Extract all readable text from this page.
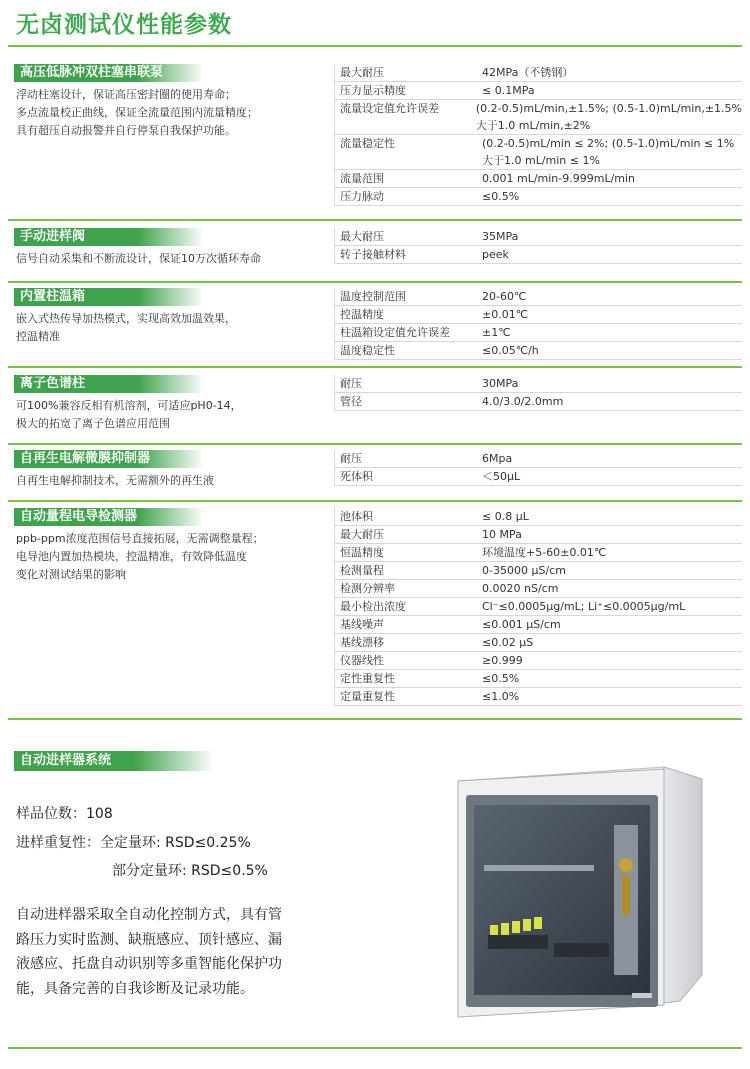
无卤测试仪性能参数
高压低脉冲双柱塞串联泵
浮动柱塞设计，保证高压密封圈的使用寿命；
多点流量校正曲线，保证全流量范围内流量精度；
具有超压自动报警并自行停泵自我保护功能。
最大耐压	42MPa（不锈钢）
压力显示精度	≤ 0.1MPa
流量设定值允许误差	(0.2-0.5)mL/min,±1.5%; (0.5-1.0)mL/min,±1.5%
大于1.0 mL/min,±2%
流量稳定性	(0.2-0.5)mL/min ≤ 2%; (0.5-1.0)mL/min ≤ 1%
大于1.0 mL/min ≤ 1%
流量范围	0.001 mL/min-9.999mL/min
压力脉动	≤0.5%
手动进样阀
信号自动采集和不断流设计，保证10万次循环寿命
最大耐压	35MPa
转子接触材料	peek
内置柱温箱
嵌入式热传导加热模式，实现高效加温效果，
控温精准
温度控制范围	20-60℃
控温精度	±0.01℃
柱温箱设定值允许误差	±1℃
温度稳定性	≤0.05℃/h
离子色谱柱
可100%兼容反相有机溶剂，可适应pH0-14，
极大的拓宽了离子色谱应用范围
耐压	30MPa
管径	4.0/3.0/2.0mm
自再生电解微膜抑制器
自再生电解抑制技术，无需额外的再生液
耐压	6Mpa
死体积	＜50μL
自动量程电导检测器
ppb-ppm浓度范围信号直接拓展，无需调整量程；
电导池内置加热模块，控温精准，有效降低温度
变化对测试结果的影响
池体积	≤ 0.8 μL
最大耐压	10 MPa
恒温精度	环境温度+5-60±0.01℃
检测量程	0-35000 μS/cm
检测分辨率	0.0020 nS/cm
最小检出浓度	Cl⁻≤0.0005μg/mL; Li⁺≤0.0005μg/mL
基线噪声	≤0.001 μS/cm
基线漂移	≤0.02 μS
仪器线性	≥0.999
定性重复性	≤0.5%
定量重复性	≤1.0%
自动进样器系统
样品位数：108
进样重复性：全定量环: RSD≤0.25%
部分定量环: RSD≤0.5%
自动进样器采取全自动化控制方式，具有管
路压力实时监测、缺瓶感应、顶针感应、漏
液感应、托盘自动识别等多重智能化保护功
能，具备完善的自我诊断及记录功能。
